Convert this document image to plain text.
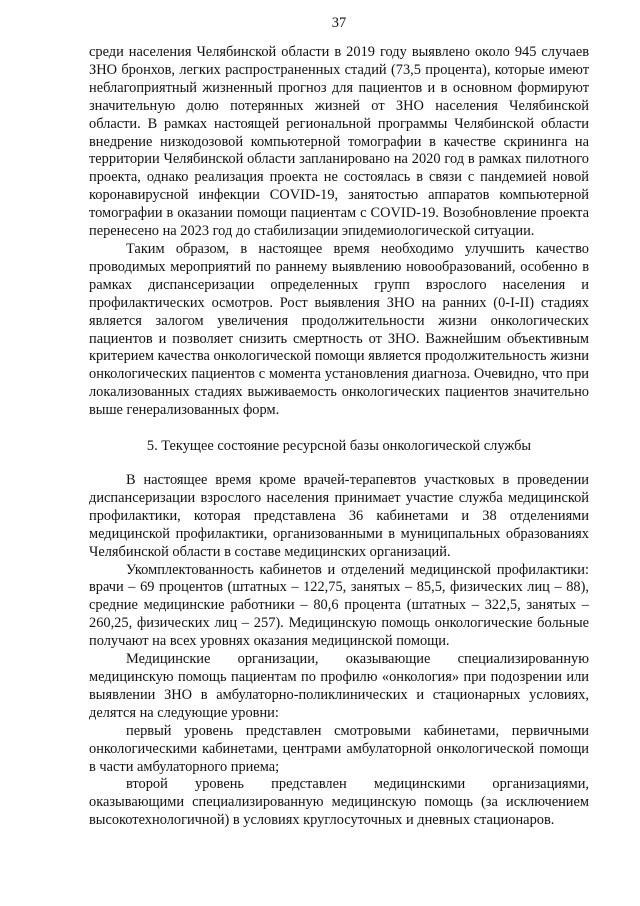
37

среди населения Челябинской области в 2019 году выявлено около 945 случаев ЗНО бронхов, легких распространенных стадий (73,5 процента), которые имеют неблагоприятный жизненный прогноз для пациентов и в основном формируют значительную долю потерянных жизней от ЗНО населения Челябинской области. В рамках настоящей региональной программы Челябинской области внедрение низкодозовой компьютерной томографии в качестве скрининга на территории Челябинской области запланировано на 2020 год в рамках пилотного проекта, однако реализация проекта не состоялась в связи с пандемией новой коронавирусной инфекции COVID-19, занятостью аппаратов компьютерной томографии в оказании помощи пациентам с COVID-19. Возобновление проекта перенесено на 2023 год до стабилизации эпидемиологической ситуации.

Таким образом, в настоящее время необходимо улучшить качество проводимых мероприятий по раннему выявлению новообразований, особенно в рамках диспансеризации определенных групп взрослого населения и профилактических осмотров. Рост выявления ЗНО на ранних (0-I-II) стадиях является залогом увеличения продолжительности жизни онкологических пациентов и позволяет снизить смертность от ЗНО. Важнейшим объективным критерием качества онкологической помощи является продолжительность жизни онкологических пациентов с момента установления диагноза. Очевидно, что при локализованных стадиях выживаемость онкологических пациентов значительно выше генерализованных форм.

5. Текущее состояние ресурсной базы онкологической службы

В настоящее время кроме врачей-терапевтов участковых в проведении диспансеризации взрослого населения принимает участие служба медицинской профилактики, которая представлена 36 кабинетами и 38 отделениями медицинской профилактики, организованными в муниципальных образованиях Челябинской области в составе медицинских организаций.

Укомплектованность кабинетов и отделений медицинской профилактики: врачи – 69 процентов (штатных – 122,75, занятых – 85,5, физических лиц – 88), средние медицинские работники – 80,6 процента (штатных – 322,5, занятых – 260,25, физических лиц – 257). Медицинскую помощь онкологические больные получают на всех уровнях оказания медицинской помощи.

Медицинские организации, оказывающие специализированную медицинскую помощь пациентам по профилю «онкология» при подозрении или выявлении ЗНО в амбулаторно-поликлинических и стационарных условиях, делятся на следующие уровни:

первый уровень представлен смотровыми кабинетами, первичными онкологическими кабинетами, центрами амбулаторной онкологической помощи в части амбулаторного приема;

второй уровень представлен медицинскими организациями, оказывающими специализированную медицинскую помощь (за исключением высокотехнологичной) в условиях круглосуточных и дневных стационаров.
